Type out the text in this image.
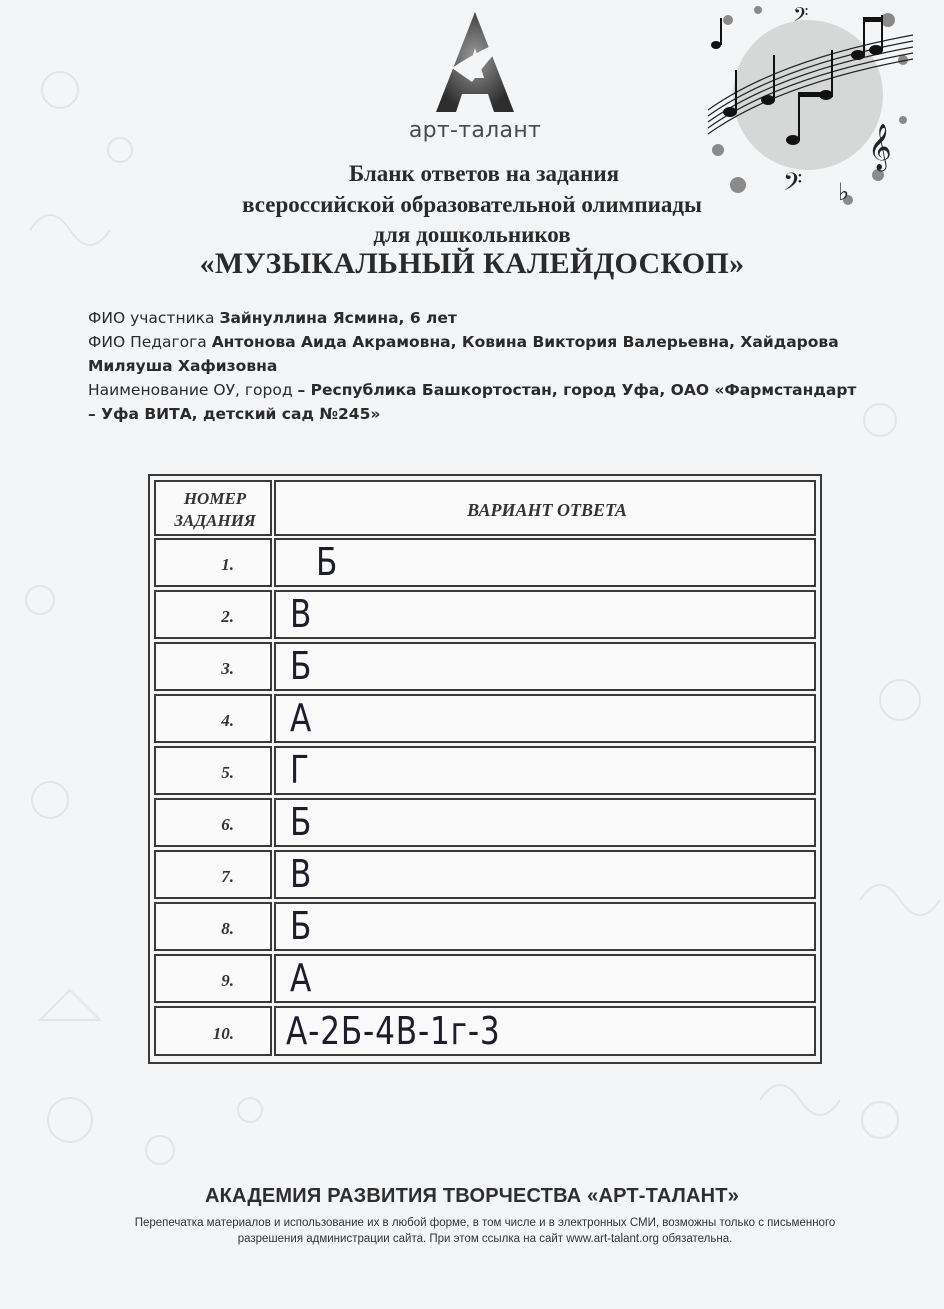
арт-талант	𝄞
♭
𝄢
𝄢
Бланк ответов на задания
всероссийской образовательной олимпиады
для дошкольников
«МУЗЫКАЛЬНЫЙ КАЛЕЙДОСКОП»

ФИО участника Зайнуллина Ясмина, 6 лет

ФИО Педагога Антонова Аида Акрамовна, Ковина Виктория Валерьевна, Хайдарова Миляуша Хафизовна

Наименование ОУ, город – Республика Башкортостан, город Уфа, ОАО «Фармстандарт – Уфа ВИТА, детский сад №245»

НОМЕР
ЗАДАНИЯ
ВАРИАНТ ОТВЕТА
1. Б
2. В
3. Б
4. А
5. Г
6. Б
7. В
8. Б
9. А
10. А-2Б-4В-1г-3
АКАДЕМИЯ РАЗВИТИЯ ТВОРЧЕСТВА «АРТ-ТАЛАНТ»
Перепечатка материалов и использование их в любой форме, в том числе и в электронных СМИ, возможны только с письменного разрешения администрации сайта. При этом ссылка на сайт www.art-talant.org обязательна.
